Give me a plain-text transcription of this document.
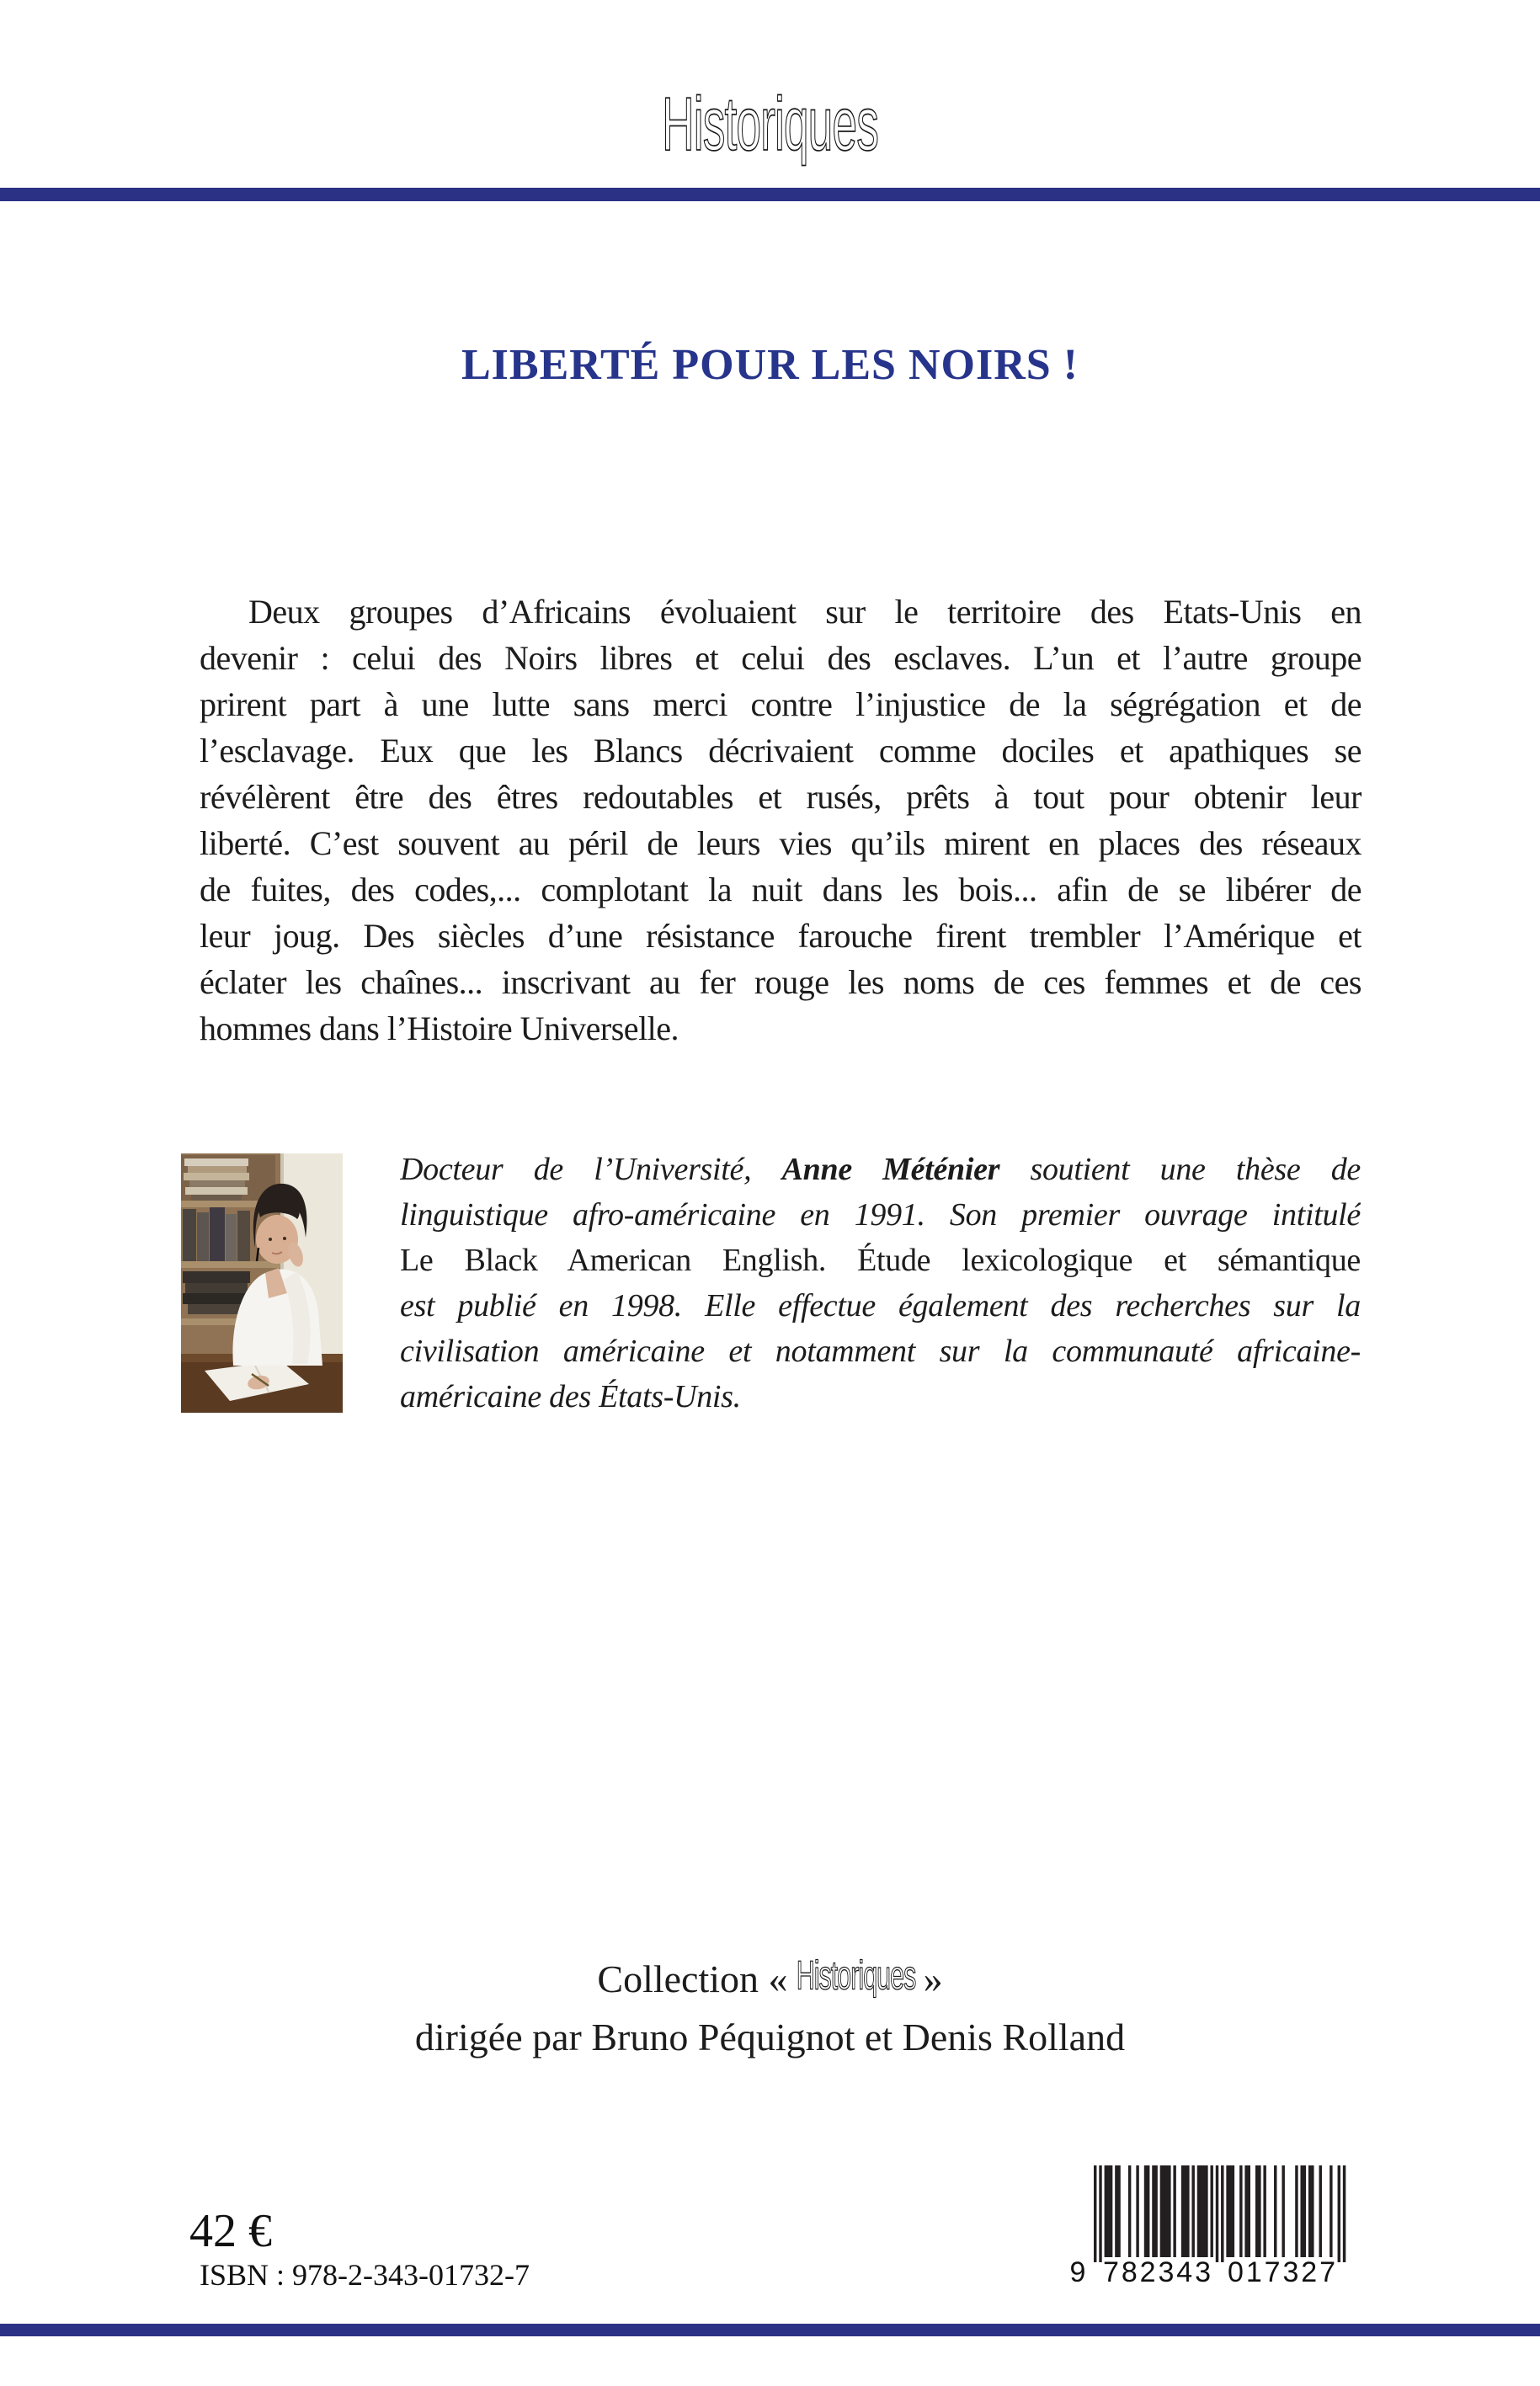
Historiques
LIBERTÉ POUR LES NOIRS !
Deux groupes d’Africains évoluaient sur le territoire des Etats-Unis en
devenir : celui des Noirs libres et celui des esclaves. L’un et l’autre groupe
prirent part à une lutte sans merci contre l’injustice de la ségrégation et de
l’esclavage. Eux que les Blancs décrivaient comme dociles et apathiques se
révélèrent être des êtres redoutables et rusés, prêts à tout pour obtenir leur
liberté. C’est souvent au péril de leurs vies qu’ils mirent en places des réseaux
de fuites, des codes,... complotant la nuit dans les bois... afin de se libérer de
leur joug. Des siècles d’une résistance farouche firent trembler l’Amérique et
éclater les chaînes... inscrivant au fer rouge les noms de ces femmes et de ces
hommes dans l’Histoire Universelle.
Docteur de l’Université, Anne Méténier soutient une thèse de
linguistique afro-américaine en 1991. Son premier ouvrage intitulé
Le Black American English. Étude lexicologique et sémantique
est publié en 1998. Elle effectue également des recherches sur la
civilisation américaine et notamment sur la communauté africaine-
américaine des États-Unis.
Collection « Historiques »
dirigée par Bruno Péquignot et Denis Rolland
42 €
ISBN : 978-2-343-01732-7	9 782343 017327
